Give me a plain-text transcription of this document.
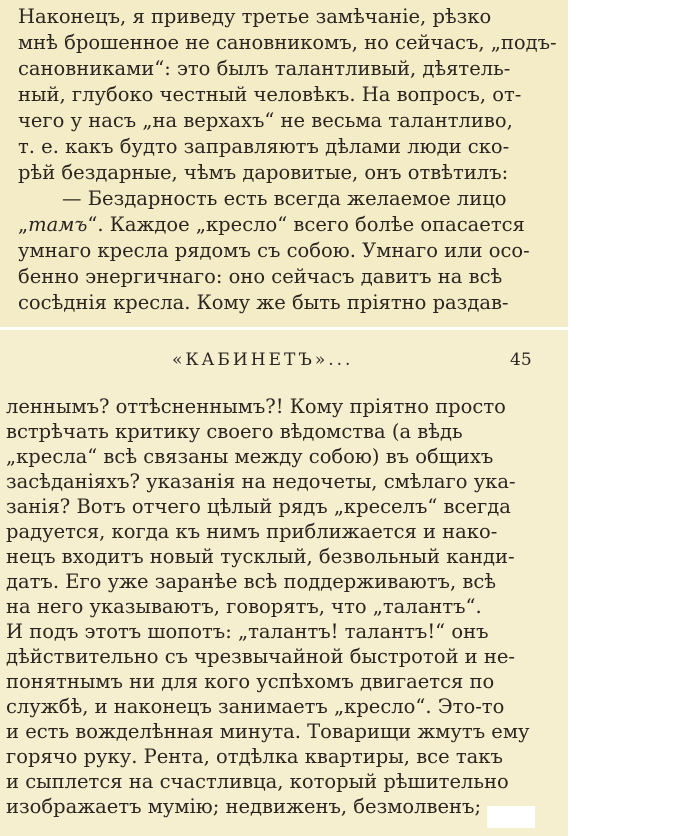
Наконецъ, я приведу третье замѣчаніе, рѣзко
мнѣ брошенное не сановникомъ, но сейчасъ, „подъ-
сановниками“: это былъ талантливый, дѣятель-
ный, глубоко честный человѣкъ. На вопросъ, от-
чего у насъ „на верхахъ“ не весьма талантливо,
т. е. какъ будто заправляютъ дѣлами люди ско-
рѣй бездарные, чѣмъ даровитые, онъ отвѣтилъ:
— Бездарность есть всегда желаемое лицо
„тамъ“. Каждое „кресло“ всего болѣе опасается
умнаго кресла рядомъ съ собою. Умнаго или осо-
бенно энергичнаго: оно сейчасъ давитъ на всѣ
сосѣднія кресла. Кому же быть пріятно раздав-
«КАБИНЕТЪ»...	45
леннымъ? оттѣсненнымъ?! Кому пріятно просто
встрѣчать критику своего вѣдомства (а вѣдь
„кресла“ всѣ связаны между собою) въ общихъ
засѣданіяхъ? указанія на недочеты, смѣлаго ука-
занія? Вотъ отчего цѣлый рядъ „креселъ“ всегда
радуется, когда къ нимъ приближается и нако-
нецъ входитъ новый тусклый, безвольный канди-
датъ. Его уже заранѣе всѣ поддерживаютъ, всѣ
на него указываютъ, говорятъ, что „талантъ“.
И подъ этотъ шопотъ: „талантъ! талантъ!“ онъ
дѣйствительно съ чрезвычайной быстротой и не-
понятнымъ ни для кого успѣхомъ двигается по
службѣ, и наконецъ занимаетъ „кресло“. Это-то
и есть вожделѣнная минута. Товарищи жмутъ ему
горячо руку. Рента, отдѣлка квартиры, все такъ
и сыплется на счастливца, который рѣшительно
изображаетъ мумію; недвиженъ, безмолвенъ;
